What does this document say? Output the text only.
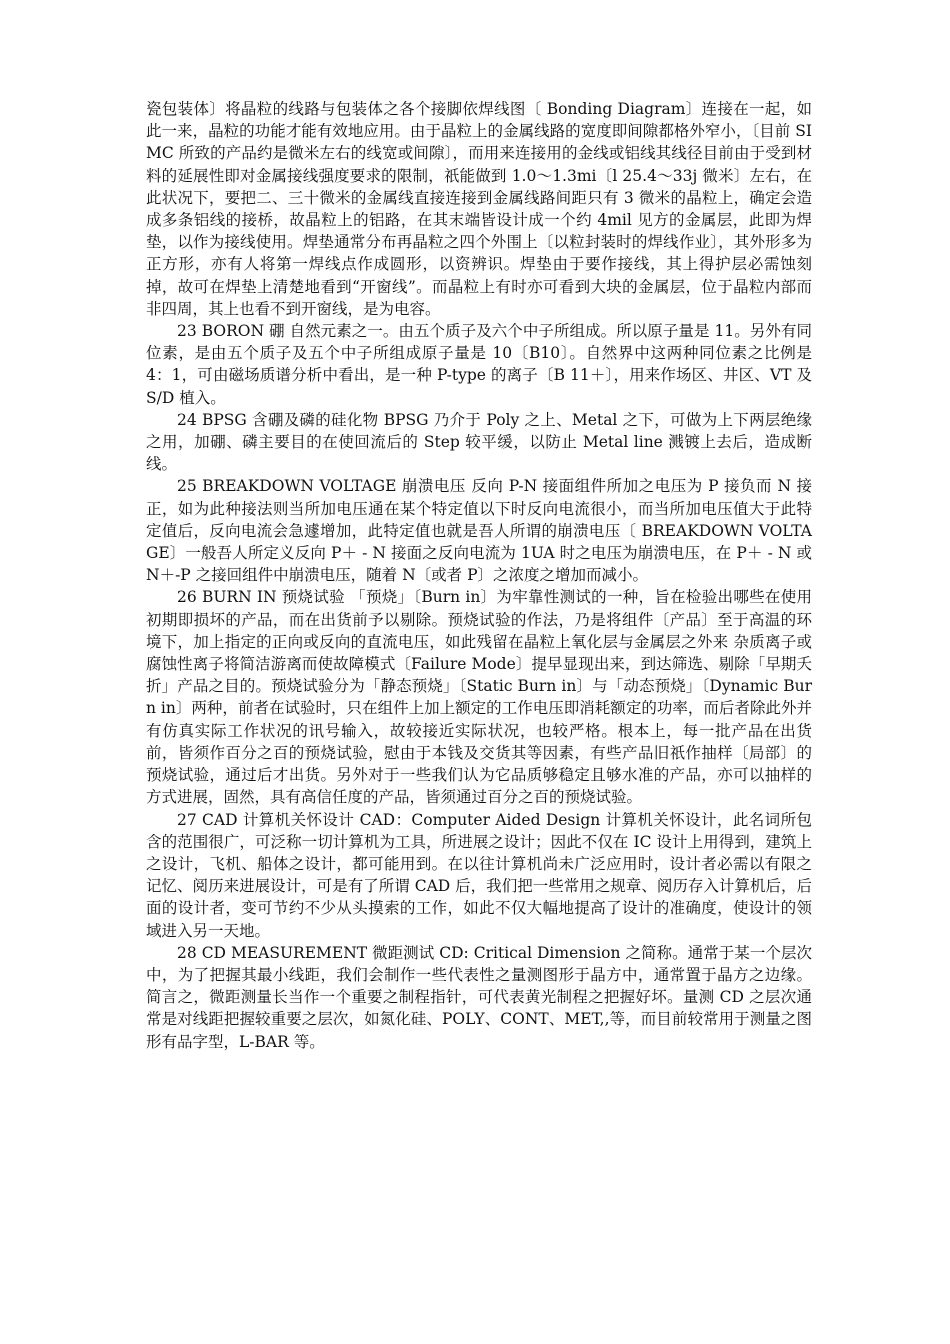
瓷包装体〕将晶粒的线路与包装体之各个接脚依焊线图〔 Bonding Diagram〕连接在一起，如此一来，晶粒的功能才能有效地应用。由于晶粒上的金属线路的宽度即间隙都格外窄小，〔目前 SIMC 所致的产品约是微米左右的线宽或间隙〕，而用来连接用的金线或铝线其线径目前由于受到材料的延展性即对金属接线强度要求的限制，祇能做到 1.0～1.3mi〔l 25.4～33j 微米〕左右，在此状况下，要把二、三十微米的金属线直接连接到金属线路间距只有 3 微米的晶粒上，确定会造成多条铝线的接桥，故晶粒上的铝路，在其末端皆设计成一个约 4mil 见方的金属层，此即为焊垫，以作为接线使用。焊垫通常分布再晶粒之四个外围上〔以粒封装时的焊线作业〕，其外形多为正方形，亦有人将第一焊线点作成圆形，以资辨识。焊垫由于要作接线，其上得护层必需蚀刻掉，故可在焊垫上清楚地看到“开窗线”。而晶粒上有时亦可看到大块的金属层，位于晶粒内部而非四周，其上也看不到开窗线，是为电容。

23 BORON 硼 自然元素之一。由五个质子及六个中子所组成。所以原子量是 11。另外有同位素，是由五个质子及五个中子所组成原子量是 10〔B10〕。自然界中这两种同位素之比例是 4：1，可由磁场质谱分析中看出，是一种 P-type 的离子〔B 11＋〕，用来作场区、井区、VT 及 S/D 植入。

24 BPSG 含硼及磷的硅化物 BPSG 乃介于 Poly 之上、Metal 之下，可做为上下两层绝缘之用，加硼、磷主要目的在使回流后的 Step 较平缓，以防止 Metal line 溅镀上去后，造成断线。

25 BREAKDOWN VOLTAGE 崩溃电压 反向 P-N 接面组件所加之电压为 P 接负而 N 接正，如为此种接法则当所加电压通在某个特定值以下时反向电流很小，而当所加电压值大于此特定值后，反向电流会急遽增加，此特定值也就是吾人所谓的崩溃电压〔 BREAKDOWN VOLTAGE〕一般吾人所定义反向 P＋ - N 接面之反向电流为 1UA 时之电压为崩溃电压，在 P＋ - N 或 N＋-P 之接回组件中崩溃电压，随着 N〔或者 P〕之浓度之增加而减小。

26 BURN IN 预烧试验 「预烧」〔Burn in〕为牢靠性测试的一种，旨在检验出哪些在使用初期即损坏的产品，而在出货前予以剔除。预烧试验的作法，乃是将组件〔产品〕至于高温的环境下，加上指定的正向或反向的直流电压，如此残留在晶粒上氧化层与金属层之外来 杂质离子或腐蚀性离子将简洁游离而使故障模式〔Failure Mode〕提早显现出来，到达筛选、剔除「早期夭折」产品之目的。预烧试验分为「静态预烧」〔Static Burn in〕与「动态预烧」〔Dynamic Burn in〕两种，前者在试验时，只在组件上加上额定的工作电压即消耗额定的功率，而后者除此外并有仿真实际工作状况的讯号输入，故较接近实际状况，也较严格。根本上，每一批产品在出货前，皆须作百分之百的预烧试验，慰由于本钱及交货其等因素，有些产品旧祇作抽样〔局部〕的预烧试验，通过后才出货。另外对于一些我们认为它品质够稳定且够水准的产品，亦可以抽样的方式进展，固然，具有高信任度的产品，皆须通过百分之百的预烧试验。

27 CAD 计算机关怀设计 CAD：Computer Aided Design 计算机关怀设计，此名词所包含的范围很广，可泛称一切计算机为工具，所进展之设计；因此不仅在 IC 设计上用得到，建筑上之设计，飞机、船体之设计，都可能用到。在以往计算机尚未广泛应用时，设计者必需以有限之记忆、阅历来进展设计，可是有了所谓 CAD 后，我们把一些常用之规章、阅历存入计算机后，后面的设计者，变可节约不少从头摸索的工作，如此不仅大幅地提高了设计的准确度，使设计的领域进入另一天地。

28 CD MEASUREMENT 微距测试 CD: Critical Dimension 之简称。通常于某一个层次中，为了把握其最小线距，我们会制作一些代表性之量测图形于晶方中，通常置于晶方之边缘。简言之，微距测量长当作一个重要之制程指针，可代表黄光制程之把握好坏。量测 CD 之层次通常是对线距把握较重要之层次，如氮化硅、POLY、CONT、MET,,等，而目前较常用于测量之图形有品字型，L-BAR 等。
